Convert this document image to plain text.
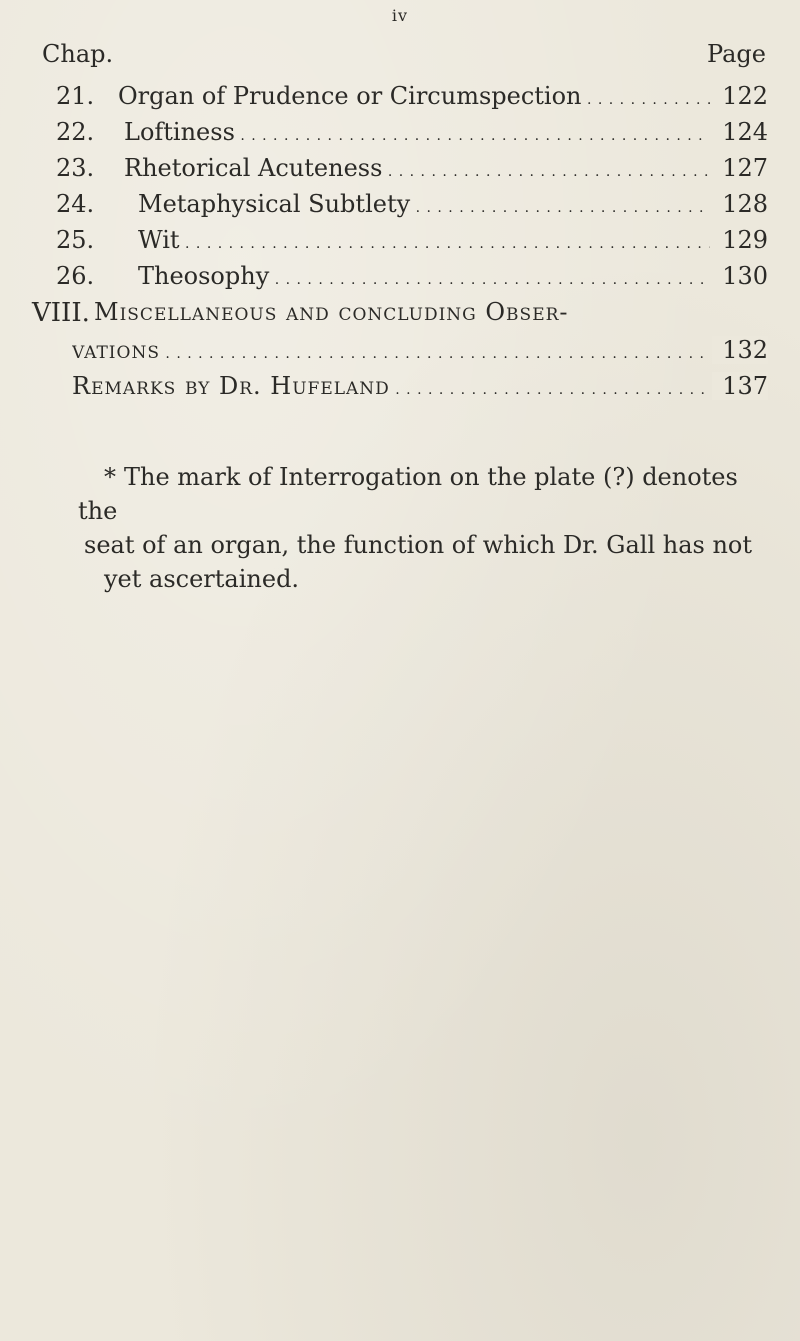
iv
Chap.	Page
21. Organ of Prudence or Circumspection . . .	122
22. Loftiness . . .	124
23. Rhetorical Acuteness . . .	127
24. Metaphysical Subtlety . . .	128
25. Wit . . .	129
26. Theosophy . . .	130
VIII. Miscellaneous and concluding Obser-
vations . . .	132
Remarks by Dr. Hufeland . . .	137
* The mark of Interrogation on the plate (?) denotes the
seat of an organ, the function of which Dr. Gall has not
yet ascertained.
